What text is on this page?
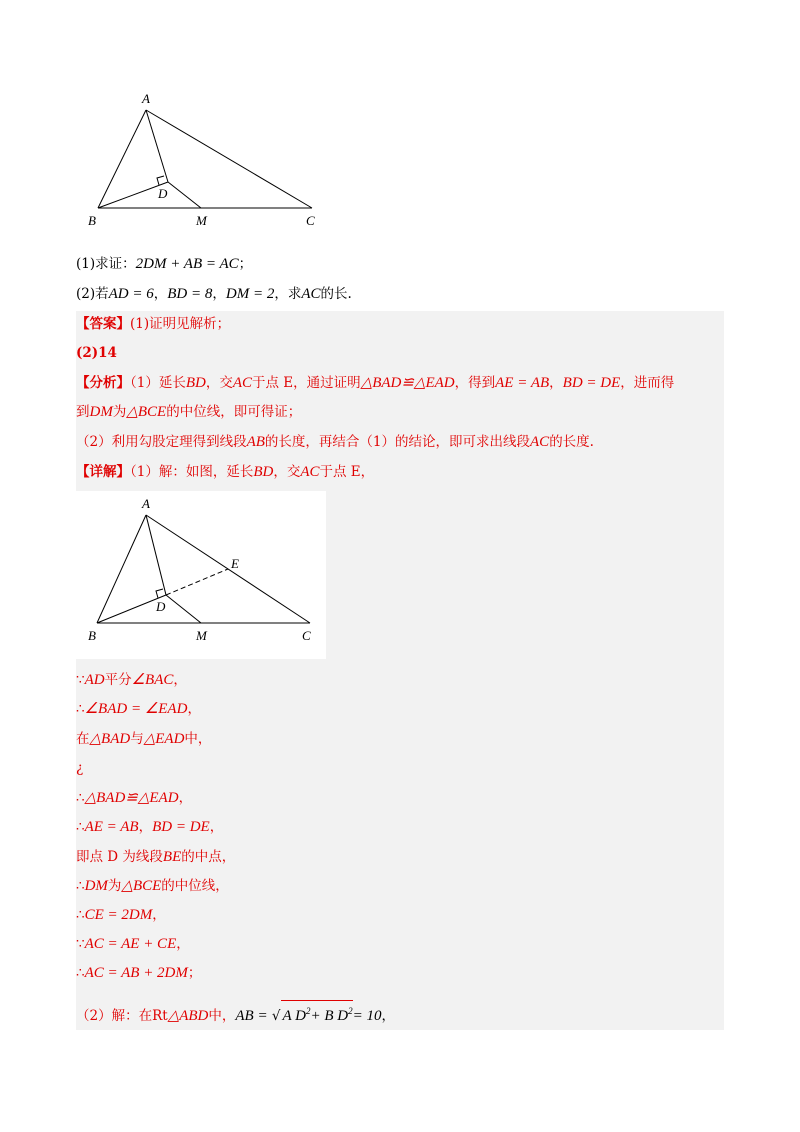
A
B	C
D
M
(1)求证：2DM + AB = AC；
(2)若AD = 6，BD = 8，DM = 2，求AC的长.
【答案】(1)证明见解析；
(2)14
【分析】（1）延长BD，交AC于点 E，通过证明△BAD≌△EAD，得到AE = AB，BD = DE，进而得
到DM为△BCE的中位线，即可得证；
（2）利用勾股定理得到线段AB的长度，再结合（1）的结论，即可求出线段AC的长度.
【详解】（1）解：如图，延长BD，交AC于点 E，
A
B	C
D
M
E
∵AD平分∠BAC，
∴∠BAD = ∠EAD，
在△BAD与△EAD中，
¿
∴△BAD≌△EAD，
∴AE = AB，BD = DE，
即点 D 为线段BE的中点，
∴DM为△BCE的中位线，
∴CE = 2DM，
∵AC = AE + CE，
∴AC = AB + 2DM；
（2）解：在Rt△ABD中，AB = √ A $D^2+ B$ $D^2= 10$，
